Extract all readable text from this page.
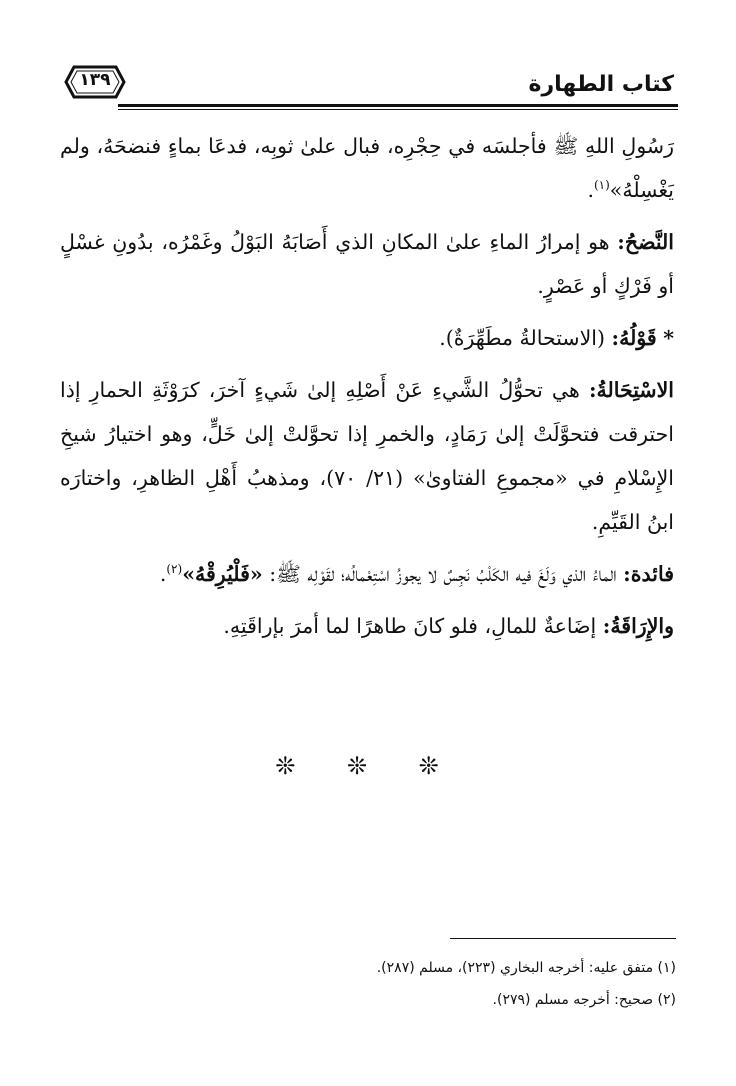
كتاب الطهارة
١٣٩

رَسُولِ اللهِ ﷺ فأجلسَه في حِجْرِه، فبال علىٰ ثوبِه، فدعَا بماءٍ فنضحَهُ، ولم يَغْسِلْهُ»$^{(١)}$.

النَّضحُ: هو إمرارُ الماءِ علىٰ المكانِ الذي أَصَابَهُ البَوْلُ وغَمْرُه، بدُونِ غسْلٍ أو فَرْكٍ أو عَصْرٍ.

* قَوْلُهُ: (الاستحالةُ مطَهِّرَةٌ).

الاسْتِحَالةُ: هي تحوُّلُ الشَّيءِ عَنْ أَصْلِهِ إلىٰ شَيءٍ آخرَ، كرَوْثَةِ الحمارِ إذا احترقت فتحوَّلَتْ إلىٰ رَمَادٍ، والخمرِ إذا تحوَّلتْ إلىٰ خَلٍّ، وهو اختيارُ شيخِ الإِسْلامِ في «مجموعِ الفتاوىٰ» (٢١/ ٧٠)، ومذهبُ أَهْلِ الظاهرِ، واختارَه ابنُ القَيِّمِ.

فائدة: الماءُ الذي وَلَغَ فيه الكَلْبُ نَجِسٌ لا يجوزُ اسْتِعْمالُه؛ لقَوْلِه ﷺ: «فَلْيُرِقْهُ»$^{(٢)}$.

والإِرَاقَةُ: إضَاعةٌ للمالِ، فلو كانَ طاهرًا لما أمرَ بإراقَتِهِ.

❊ ❊ ❊

(١) متفق عليه: أخرجه البخاري (٢٢٣)، مسلم (٢٨٧).

(٢) صحيح: أخرجه مسلم (٢٧٩).
